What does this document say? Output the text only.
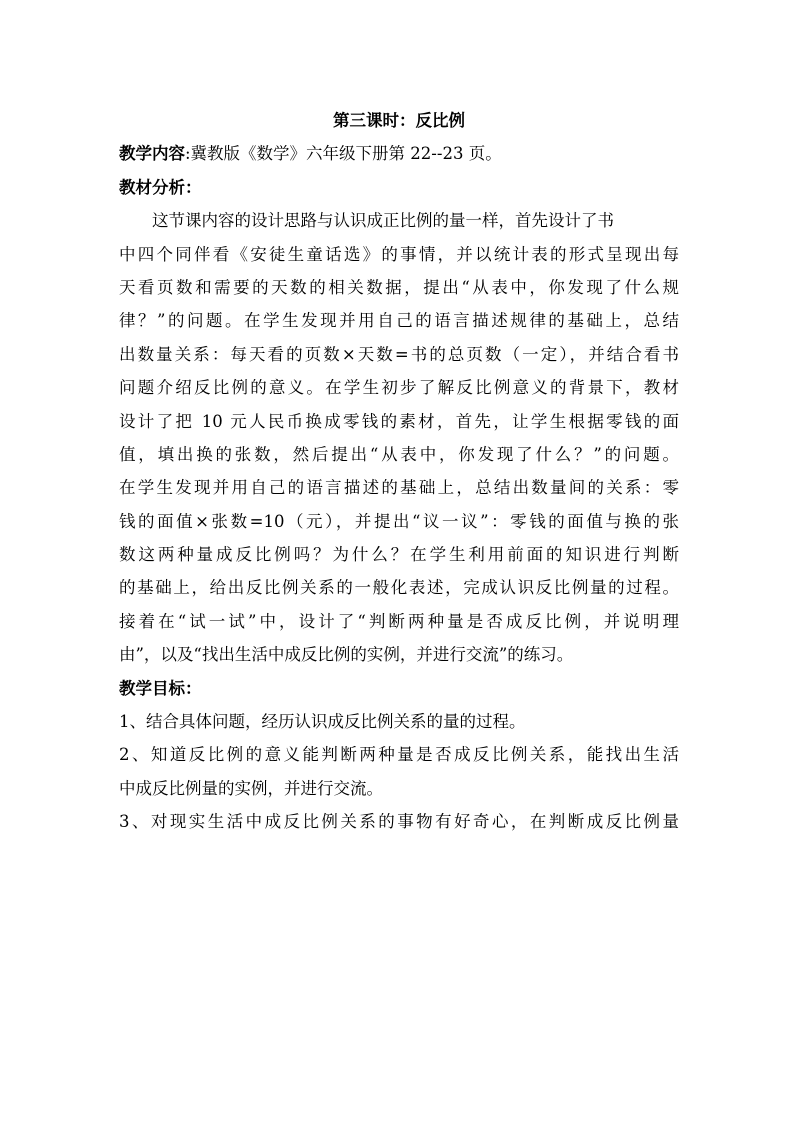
第三课时：反比例
教学内容:冀教版《数学》六年级下册第 22--23 页。
教材分析：
这节课内容的设计思路与认识成正比例的量一样，首先设计了书
中四个同伴看《安徒生童话选》的事情，并以统计表的形式呈现出每
天看页数和需要的天数的相关数据，提出“从表中，你发现了什么规
律？”的问题。在学生发现并用自己的语言描述规律的基础上，总结
出数量关系：每天看的页数×天数=书的总页数（一定），并结合看书
问题介绍反比例的意义。在学生初步了解反比例意义的背景下，教材
设计了把 10 元人民币换成零钱的素材，首先，让学生根据零钱的面
值，填出换的张数，然后提出“从表中，你发现了什么？”的问题。
在学生发现并用自己的语言描述的基础上，总结出数量间的关系：零
钱的面值×张数=10（元），并提出“议一议”：零钱的面值与换的张
数这两种量成反比例吗？为什么？在学生利用前面的知识进行判断
的基础上，给出反比例关系的一般化表述，完成认识反比例量的过程。
接着在“试一试”中，设计了“判断两种量是否成反比例，并说明理
由”，以及“找出生活中成反比例的实例，并进行交流”的练习。
教学目标：
1、结合具体问题，经历认识成反比例关系的量的过程。
2、知道反比例的意义能判断两种量是否成反比例关系，能找出生活
中成反比例量的实例，并进行交流。
3、对现实生活中成反比例关系的事物有好奇心，在判断成反比例量
